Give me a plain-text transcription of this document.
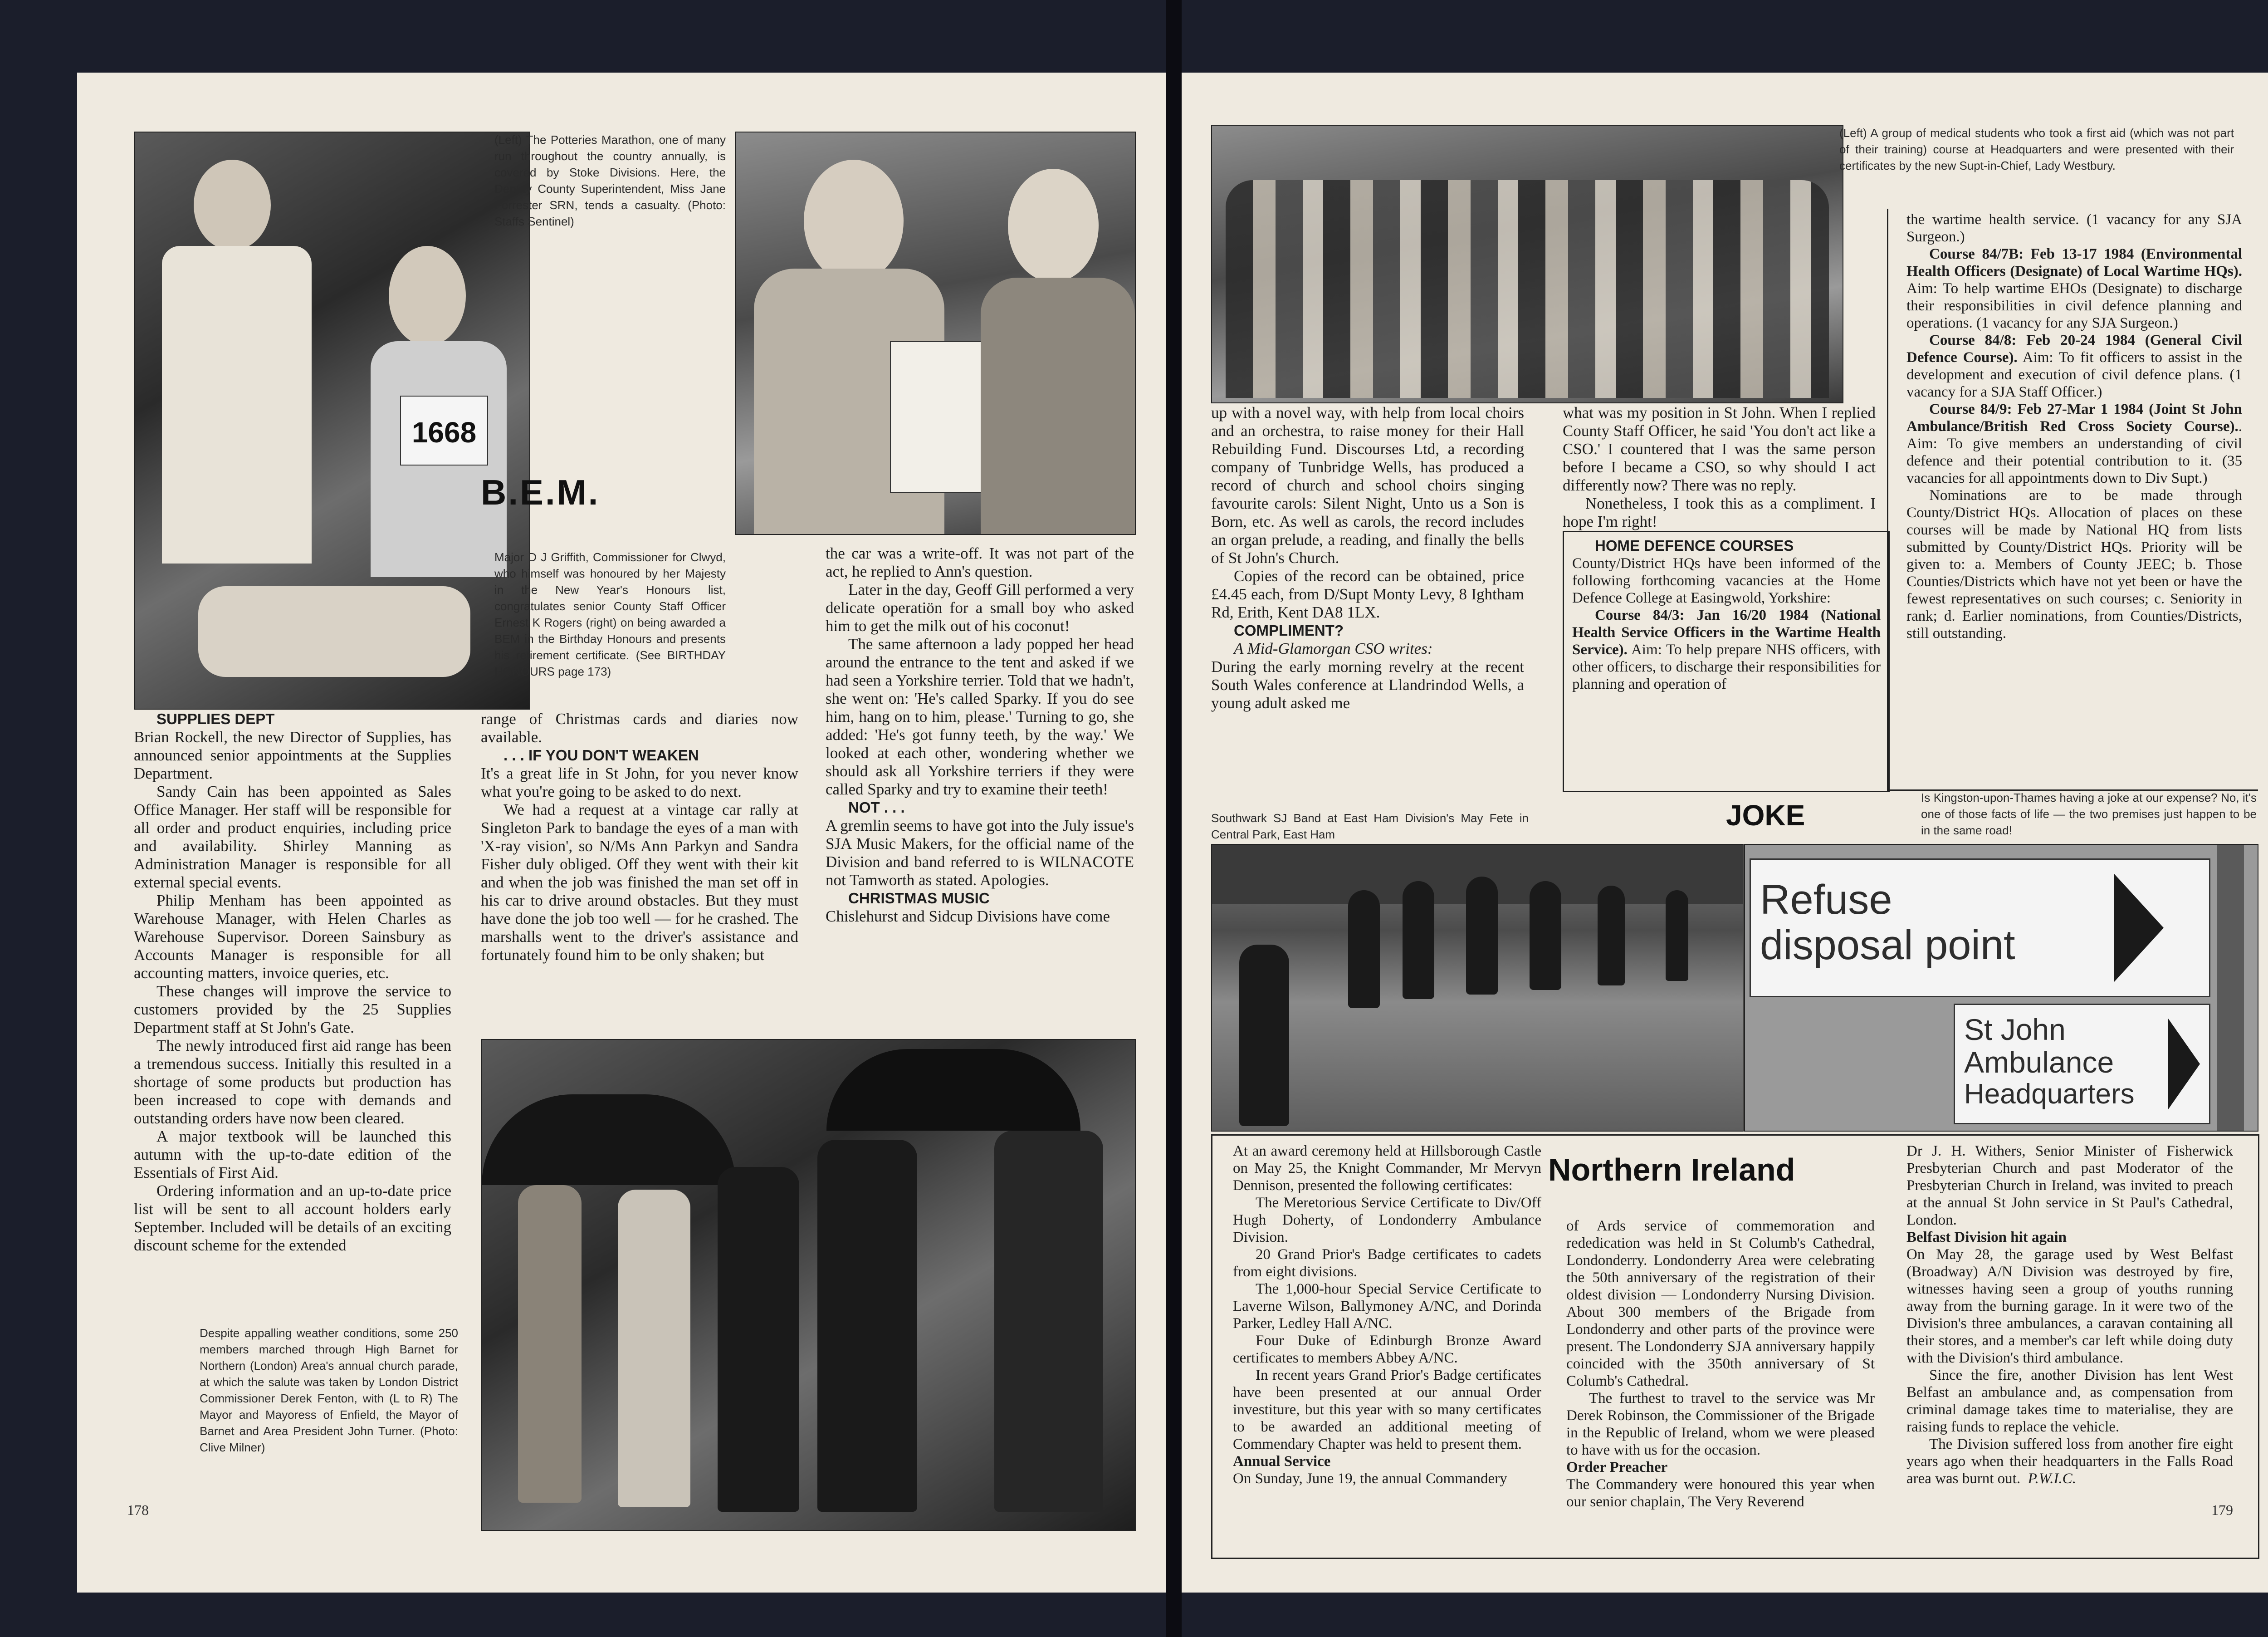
1668

(Left) The Potteries Marathon, one of many run throughout the country annually, is covered by Stoke Divisions. Here, the Deputy County Superintendent, Miss Jane Forrester SRN, tends a casualty. (Photo: Staffs Sentinel)

B.E.M.

Major D J Griffith, Commissioner for Clwyd, who himself was honoured by her Majesty in the New Year's Honours list, congratulates senior County Staff Officer Ernest K Rogers (right) on being awarded a BEM in the Birthday Honours and presents his retirement certificate. (See BIRTHDAY HONOURS page 173)

SUPPLIES DEPT

Brian Rockell, the new Director of Supplies, has announced senior appointments at the Supplies Department.

Sandy Cain has been appointed as Sales Office Manager. Her staff will be responsible for all order and product enquiries, including price and availability. Shirley Manning as Administration Manager is responsible for all external special events.

Philip Menham has been appointed as Warehouse Manager, with Helen Charles as Warehouse Supervisor. Doreen Sainsbury as Accounts Manager is responsible for all accounting matters, invoice queries, etc.

These changes will improve the service to customers provided by the 25 Supplies Department staff at St John's Gate.

The newly introduced first aid range has been a tremendous success. Initially this resulted in a shortage of some products but production has been increased to cope with demands and outstanding orders have now been cleared.

A major textbook will be launched this autumn with the up-to-date edition of the Essentials of First Aid.

Ordering information and an up-to-date price list will be sent to all account holders early September. Included will be details of an exciting discount scheme for the extended

range of Christmas cards and diaries now available.

. . . IF YOU DON'T WEAKEN

It's a great life in St John, for you never know what you're going to be asked to do next.

We had a request at a vintage car rally at Singleton Park to bandage the eyes of a man with 'X-ray vision', so N/Ms Ann Parkyn and Sandra Fisher duly obliged. Off they went with their kit and when the job was finished the man set off in his car to drive around obstacles. But they must have done the job too well — for he crashed. The marshalls went to the driver's assistance and fortunately found him to be only shaken; but

the car was a write-off. It was not part of the act, he replied to Ann's question.

Later in the day, Geoff Gill performed a very delicate operatiön for a small boy who asked him to get the milk out of his coconut!

The same afternoon a lady popped her head around the entrance to the tent and asked if we had seen a Yorkshire terrier. Told that we hadn't, she went on: 'He's called Sparky. If you do see him, hang on to him, please.' Turning to go, she added: 'He's got funny teeth, by the way.' We looked at each other, wondering whether we should ask all Yorkshire terriers if they were called Sparky and try to examine their teeth!

NOT . . .

A gremlin seems to have got into the July issue's SJA Music Makers, for the official name of the Division and band referred to is WILNACOTE not Tamworth as stated. Apologies.

CHRISTMAS MUSIC

Chislehurst and Sidcup Divisions have come

Despite appalling weather conditions, some 250 members marched through High Barnet for Northern (London) Area's annual church parade, at which the salute was taken by London District Commissioner Derek Fenton, with (L to R) The Mayor and Mayoress of Enfield, the Mayor of Barnet and Area President John Turner. (Photo: Clive Milner)

178

(Left) A group of medical students who took a first aid (which was not part of their training) course at Headquarters and were presented with their certificates by the new Supt-in-Chief, Lady Westbury.

up with a novel way, with help from local choirs and an orchestra, to raise money for their Hall Rebuilding Fund. Discourses Ltd, a recording company of Tunbridge Wells, has produced a record of church and school choirs singing favourite carols: Silent Night, Unto us a Son is Born, etc. As well as carols, the record includes an organ prelude, a reading, and finally the bells of St John's Church.

Copies of the record can be obtained, price £4.45 each, from D/Supt Monty Levy, 8 Ightham Rd, Erith, Kent DA8 1LX.

COMPLIMENT?

A Mid-Glamorgan CSO writes:

During the early morning revelry at the recent South Wales conference at Llandrindod Wells, a young adult asked me

what was my position in St John. When I replied County Staff Officer, he said 'You don't act like a CSO.' I countered that I was the same person before I became a CSO, so why should I act differently now? There was no reply.

Nonetheless, I took this as a compliment. I hope I'm right!

HOME DEFENCE COURSES

County/District HQs have been informed of the following forthcoming vacancies at the Home Defence College at Easingwold, Yorkshire:

Course 84/3: Jan 16/20 1984 (National Health Service Officers in the Wartime Health Service). Aim: To help prepare NHS officers, with other officers, to discharge their responsibilities for planning and operation of

the wartime health service. (1 vacancy for any SJA Surgeon.)

Course 84/7B: Feb 13-17 1984 (Environmental Health Officers (Designate) of Local Wartime HQs). Aim: To help wartime EHOs (Designate) to discharge their responsibilities in civil defence planning and operations. (1 vacancy for any SJA Surgeon.)

Course 84/8: Feb 20-24 1984 (General Civil Defence Course). Aim: To fit officers to assist in the development and execution of civil defence plans. (1 vacancy for a SJA Staff Officer.)

Course 84/9: Feb 27-Mar 1 1984 (Joint St John Ambulance/British Red Cross Society Course).. Aim: To give members an understanding of civil defence and their potential contribution to it. (35 vacancies for all appointments down to Div Supt.)

Nominations are to be made through County/District HQs. Allocation of places on these courses will be made by National HQ from lists submitted by County/District HQs. Priority will be given to: a. Members of County JEEC; b. Those Counties/Districts which have not yet been or have the fewest representatives on such courses; c. Seniority in rank; d. Earlier nominations, from Counties/Districts, still outstanding.

Southwark SJ Band at East Ham Division's May Fete in Central Park, East Ham

JOKE

Is Kingston-upon-Thames having a joke at our expense? No, it's one of those facts of life — the two premises just happen to be in the same road!

Refuse
disposal point
St John
Ambulance
Headquarters
Northern Ireland

At an award ceremony held at Hillsborough Castle on May 25, the Knight Commander, Mr Mervyn Dennison, presented the following certificates:

The Meretorious Service Certificate to Div/Off Hugh Doherty, of Londonderry Ambulance Division.

20 Grand Prior's Badge certificates to cadets from eight divisions.

The 1,000-hour Special Service Certificate to Laverne Wilson, Ballymoney A/NC, and Dorinda Parker, Ledley Hall A/NC.

Four Duke of Edinburgh Bronze Award certificates to members Abbey A/NC.

In recent years Grand Prior's Badge certificates have been presented at our annual Order investiture, but this year with so many certificates to be awarded an additional meeting of Commendary Chapter was held to present them.

Annual Service

On Sunday, June 19, the annual Commandery

of Ards service of commemoration and rededication was held in St Columb's Cathedral, Londonderry. Londonderry Area were celebrating the 50th anniversary of the registration of their oldest division — Londonderry Nursing Division. About 300 members of the Brigade from Londonderry and other parts of the province were present. The Londonderry SJA anniversary happily coincided with the 350th anniversary of St Columb's Cathedral.

The furthest to travel to the service was Mr Derek Robinson, the Commissioner of the Brigade in the Republic of Ireland, whom we were pleased to have with us for the occasion.

Order Preacher

The Commandery were honoured this year when our senior chaplain, The Very Reverend

Dr J. H. Withers, Senior Minister of Fisherwick Presbyterian Church and past Moderator of the Presbyterian Church in Ireland, was invited to preach at the annual St John service in St Paul's Cathedral, London.

Belfast Division hit again

On May 28, the garage used by West Belfast (Broadway) A/N Division was destroyed by fire, witnesses having seen a group of youths running away from the burning garage. In it were two of the Division's three ambulances, a caravan containing all their stores, and a member's car left while doing duty with the Division's third ambulance.

Since the fire, another Division has lent West Belfast an ambulance and, as compensation from criminal damage takes time to materialise, they are raising funds to replace the vehicle.

The Division suffered loss from another fire eight years ago when their headquarters in the Falls Road area was burnt out. P.W.I.C.

179
